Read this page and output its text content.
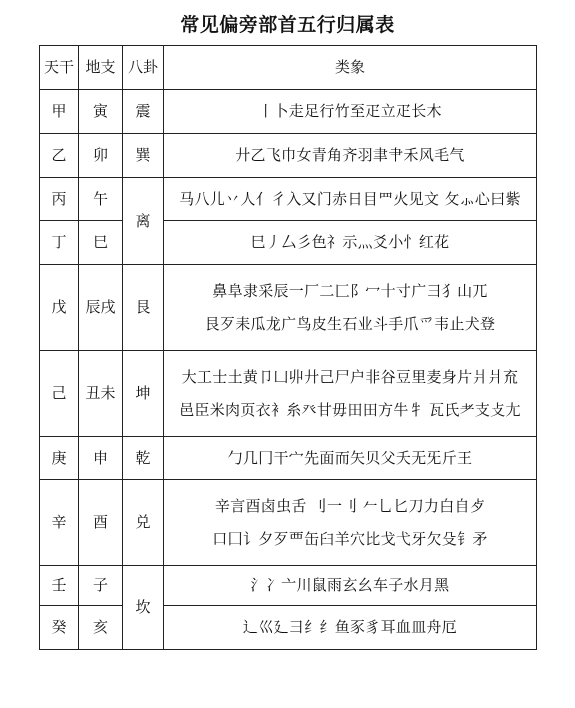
常见偏旁部首五行归属表
天干	地支	八卦	类象
甲	寅	震	丨卜走足行竹至疋立疋长木

乙	卯	巽	廾乙飞巾女青角齐羽聿肀禾风毛气

丙	午	离	马八儿丷人亻彳入又门赤日目罒火见文 攵⺗心曰紫

丁	巳		巳丿厶彡色礻示灬爻小忄红花

戊	辰戌	艮	鼻阜隶采辰一厂二匚阝冖十寸广彐犭山兀
艮歹耒瓜龙广鸟皮生石业斗手爪爫韦止犬登

己	丑未	坤	大工士土黄卩凵丱廾己尸户非谷豆里麦身片爿爿㐬
邑臣米肉页衣衤糸癶甘毋田田方牛牜 瓦氏耂支攴尢

庚	申	乾	勹几冂干宀先面而矢贝父夭无旡斤王

辛	酉	兑	辛言酉卤虫舌 刂一刂 𠂉乚匕刀力白自歺
口囗讠夕歹覀缶臼羊穴比戈弋牙欠殳钅矛

壬	子	坎	氵冫亠川鼠雨玄幺车子水月黑

癸	亥		辶巛廴彐纟纟鱼豕豸耳血皿舟厄
